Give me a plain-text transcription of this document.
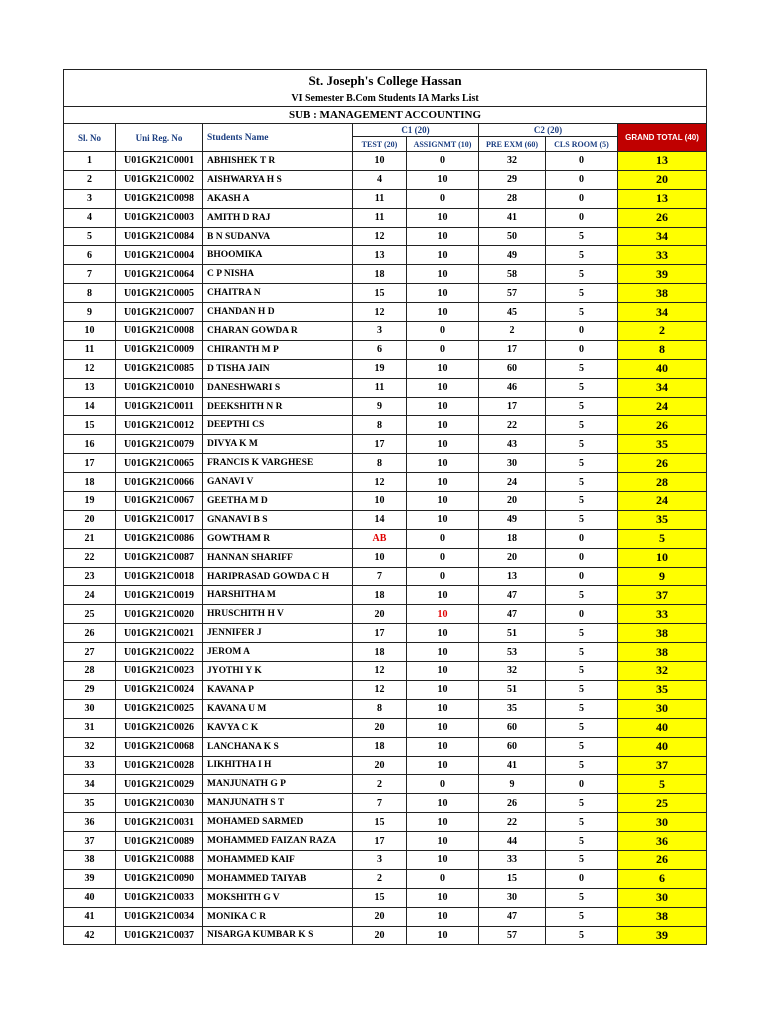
St. Joseph's College Hassan							
VI Semester B.Com Students IA Marks List							
SUB : MANAGEMENT ACCOUNTING							
Sl. No	Uni Reg. No	Students Name	C1 (20)		C2 (20)		GRAND TOTAL (40)
			TEST (20)	ASSIGNMT (10)	PRE EXM (60)	CLS ROOM (5)	
1	U01GK21C0001	ABHISHEK T R	10	0	32	0	13
2	U01GK21C0002	AISHWARYA H S	4	10	29	0	20
3	U01GK21C0098	AKASH A	11	0	28	0	13
4	U01GK21C0003	AMITH D RAJ	11	10	41	0	26
5	U01GK21C0084	B N SUDANVA	12	10	50	5	34
6	U01GK21C0004	BHOOMIKA	13	10	49	5	33
7	U01GK21C0064	C P NISHA	18	10	58	5	39
8	U01GK21C0005	CHAITRA N	15	10	57	5	38
9	U01GK21C0007	CHANDAN H D	12	10	45	5	34
10	U01GK21C0008	CHARAN GOWDA R	3	0	2	0	2
11	U01GK21C0009	CHIRANTH M P	6	0	17	0	8
12	U01GK21C0085	D TISHA JAIN	19	10	60	5	40
13	U01GK21C0010	DANESHWARI S	11	10	46	5	34
14	U01GK21C0011	DEEKSHITH N R	9	10	17	5	24
15	U01GK21C0012	DEEPTHI CS	8	10	22	5	26
16	U01GK21C0079	DIVYA K M	17	10	43	5	35
17	U01GK21C0065	FRANCIS K VARGHESE	8	10	30	5	26
18	U01GK21C0066	GANAVI V	12	10	24	5	28
19	U01GK21C0067	GEETHA M D	10	10	20	5	24
20	U01GK21C0017	GNANAVI B S	14	10	49	5	35
21	U01GK21C0086	GOWTHAM R	AB	0	18	0	5
22	U01GK21C0087	HANNAN SHARIFF	10	0	20	0	10
23	U01GK21C0018	HARIPRASAD GOWDA C H	7	0	13	0	9
24	U01GK21C0019	HARSHITHA M	18	10	47	5	37
25	U01GK21C0020	HRUSCHITH H V	20	10	47	0	33
26	U01GK21C0021	JENNIFER J	17	10	51	5	38
27	U01GK21C0022	JEROM A	18	10	53	5	38
28	U01GK21C0023	JYOTHI Y K	12	10	32	5	32
29	U01GK21C0024	KAVANA P	12	10	51	5	35
30	U01GK21C0025	KAVANA U M	8	10	35	5	30
31	U01GK21C0026	KAVYA C K	20	10	60	5	40
32	U01GK21C0068	LANCHANA K S	18	10	60	5	40
33	U01GK21C0028	LIKHITHA I H	20	10	41	5	37
34	U01GK21C0029	MANJUNATH G P	2	0	9	0	5
35	U01GK21C0030	MANJUNATH S T	7	10	26	5	25
36	U01GK21C0031	MOHAMED SARMED	15	10	22	5	30
37	U01GK21C0089	MOHAMMED FAIZAN RAZA	17	10	44	5	36
38	U01GK21C0088	MOHAMMED KAIF	3	10	33	5	26
39	U01GK21C0090	MOHAMMED TAIYAB	2	0	15	0	6
40	U01GK21C0033	MOKSHITH G V	15	10	30	5	30
41	U01GK21C0034	MONIKA C R	20	10	47	5	38
42	U01GK21C0037	NISARGA KUMBAR K S	20	10	57	5	39
